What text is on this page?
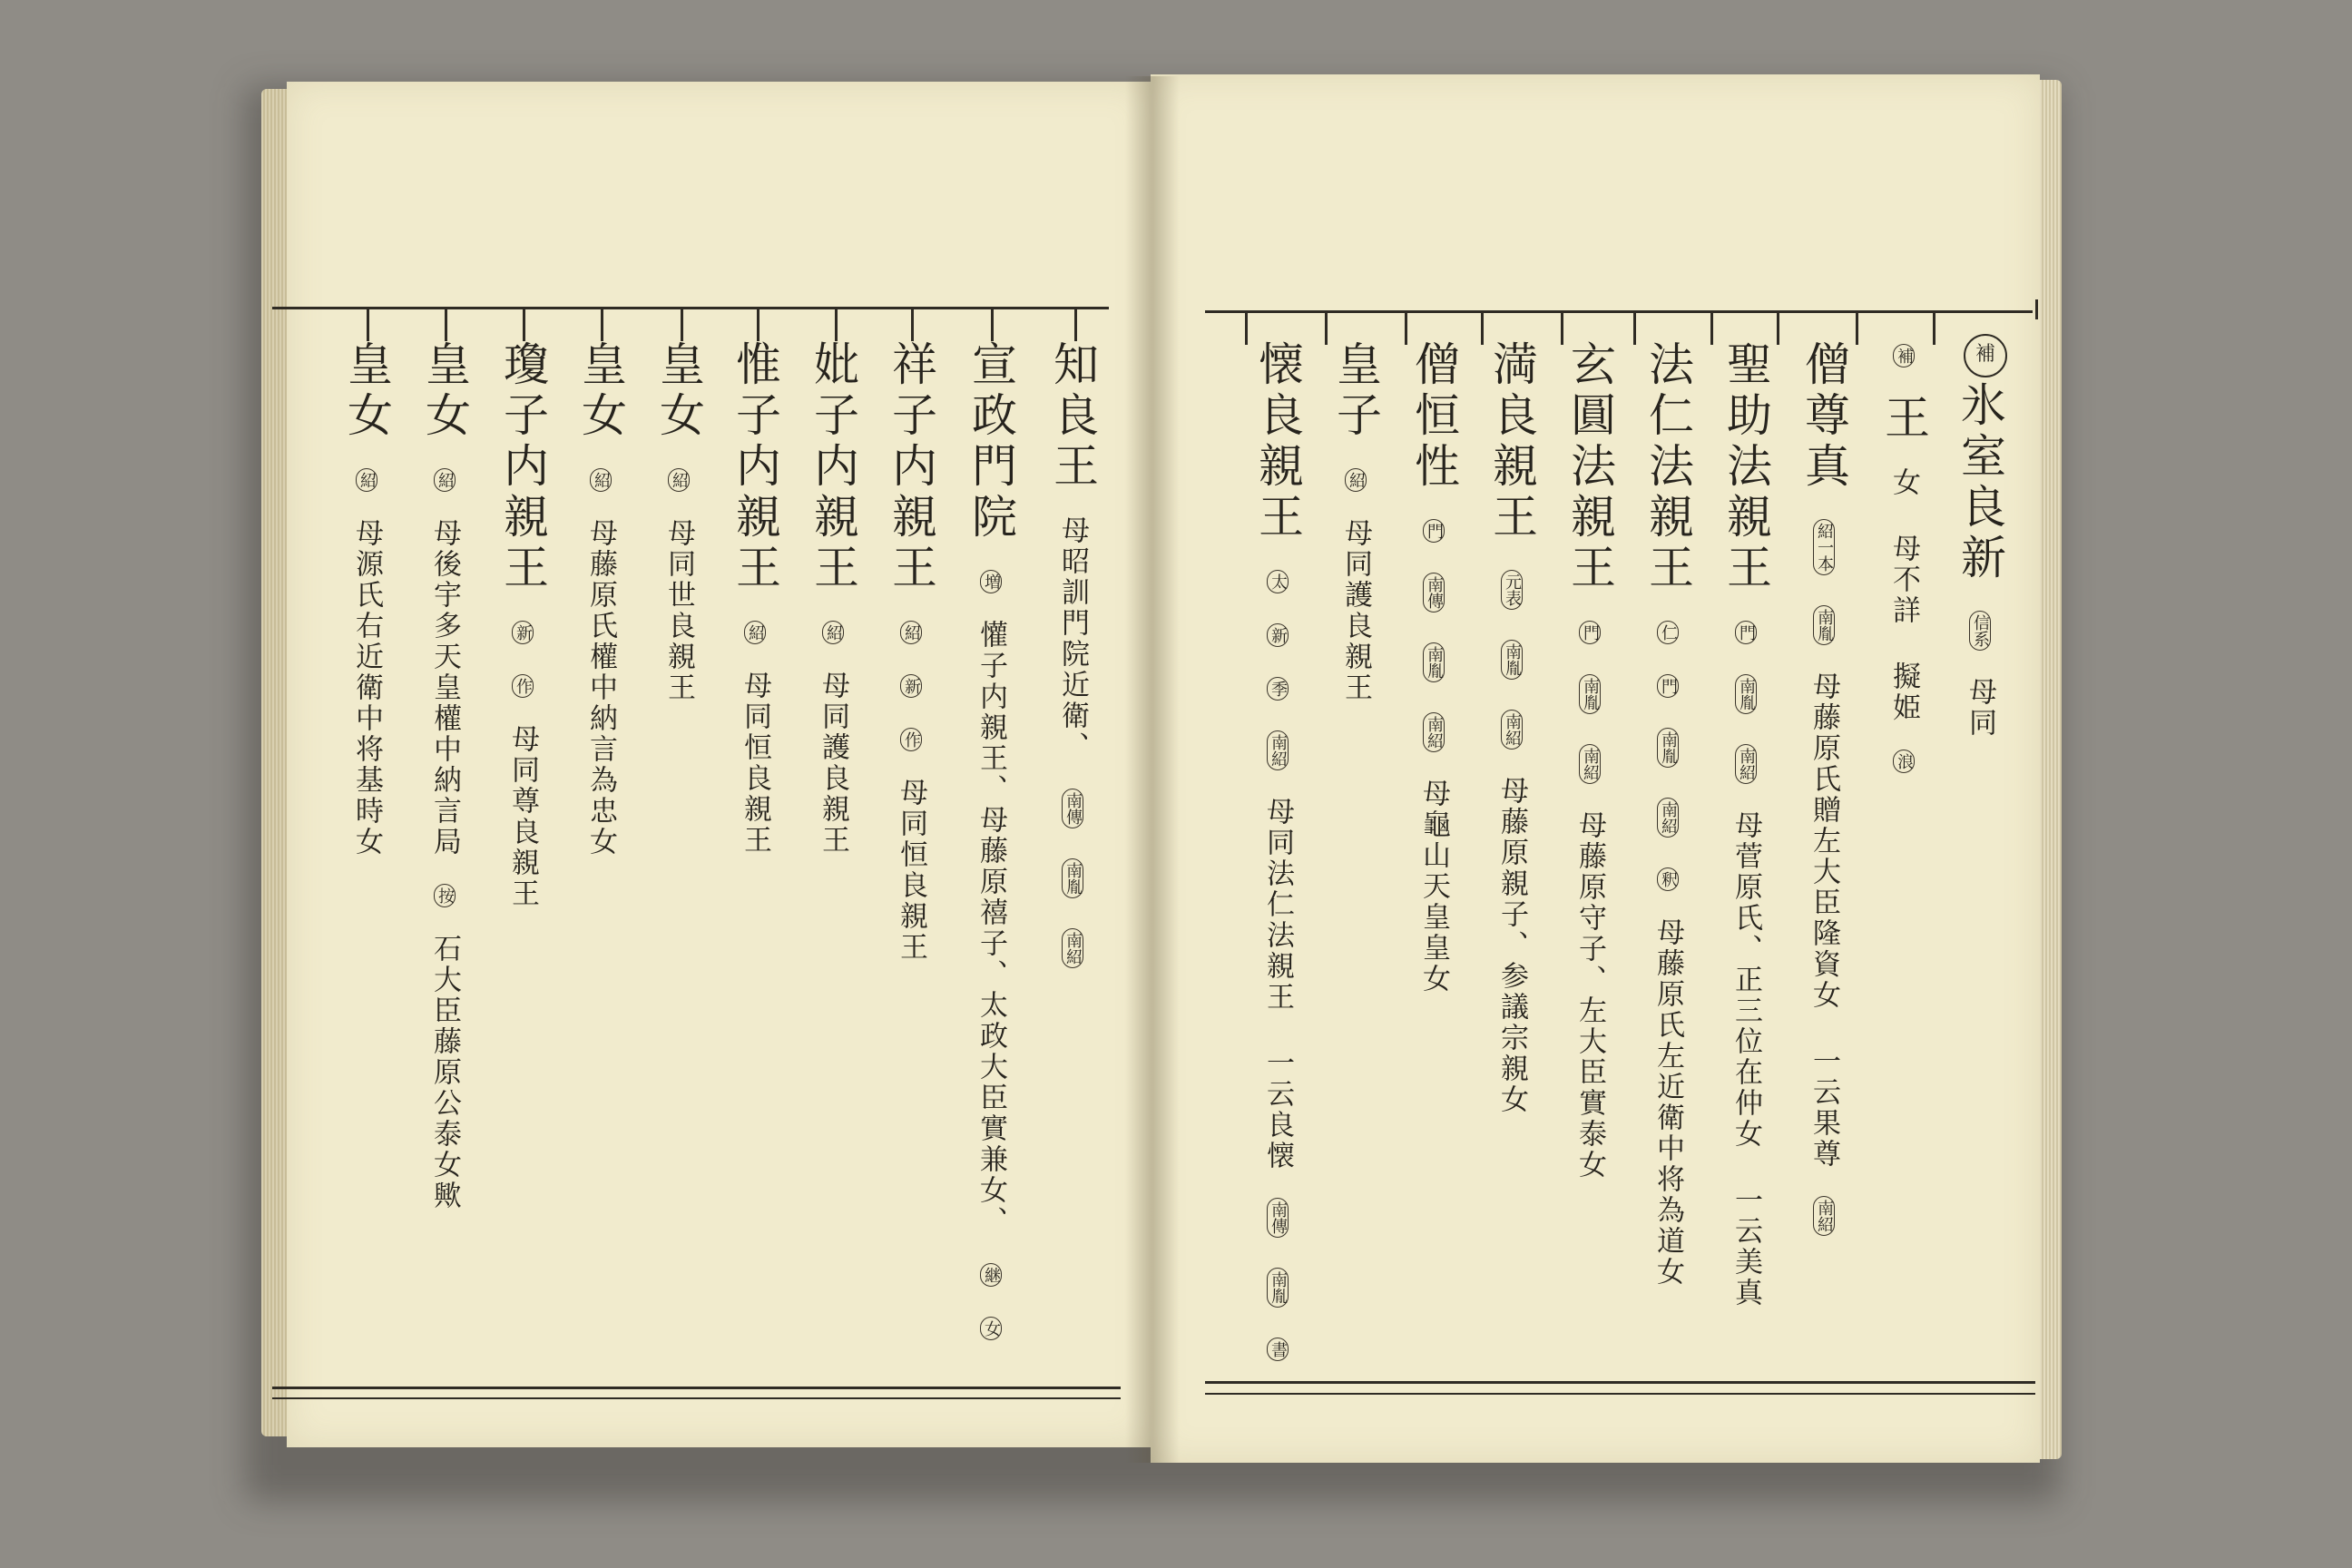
知良王 母昭訓門院近衛、 南傳 南胤 南紹
宣政門院 増 懽子内親王、母藤原禧子、太政大臣實兼女、 継 女
祥子内親王 紹 新 作 母同恒良親王
妣子内親王 紹 母同護良親王
惟子内親王 紹 母同恒良親王
皇女 紹 母同世良親王
皇女 紹 母藤原氏權中納言為忠女
瓊子内親王 新 作 母同尊良親王
皇女 紹 母後宇多天皇權中納言局 按 石大臣藤原公泰女歟
皇女 紹 母源氏右近衛中将基時女
補
氷室良新 信系 母同
補 王 女 母不詳 擬姫 浪
僧尊真 紹一本 南胤 母藤原氏贈左大臣隆資女 一云果尊 南紹
聖助法親王 門 南胤 南紹 母菅原氏、正三位在仲女 一云美真
法仁法親王 仁 門 南胤 南紹 釈 母藤原氏左近衛中将為道女
玄圓法親王 門 南胤 南紹 母藤原守子、左大臣實泰女
満良親王 元表 南胤 南紹 母藤原親子、参議宗親女
僧恒性 門 南傳 南胤 南紹 母龜山天皇皇女
皇子 紹 母同護良親王
懐良親王 太 新 季 南紹 母同法仁法親王 一云良懐 南傳 南胤 書
